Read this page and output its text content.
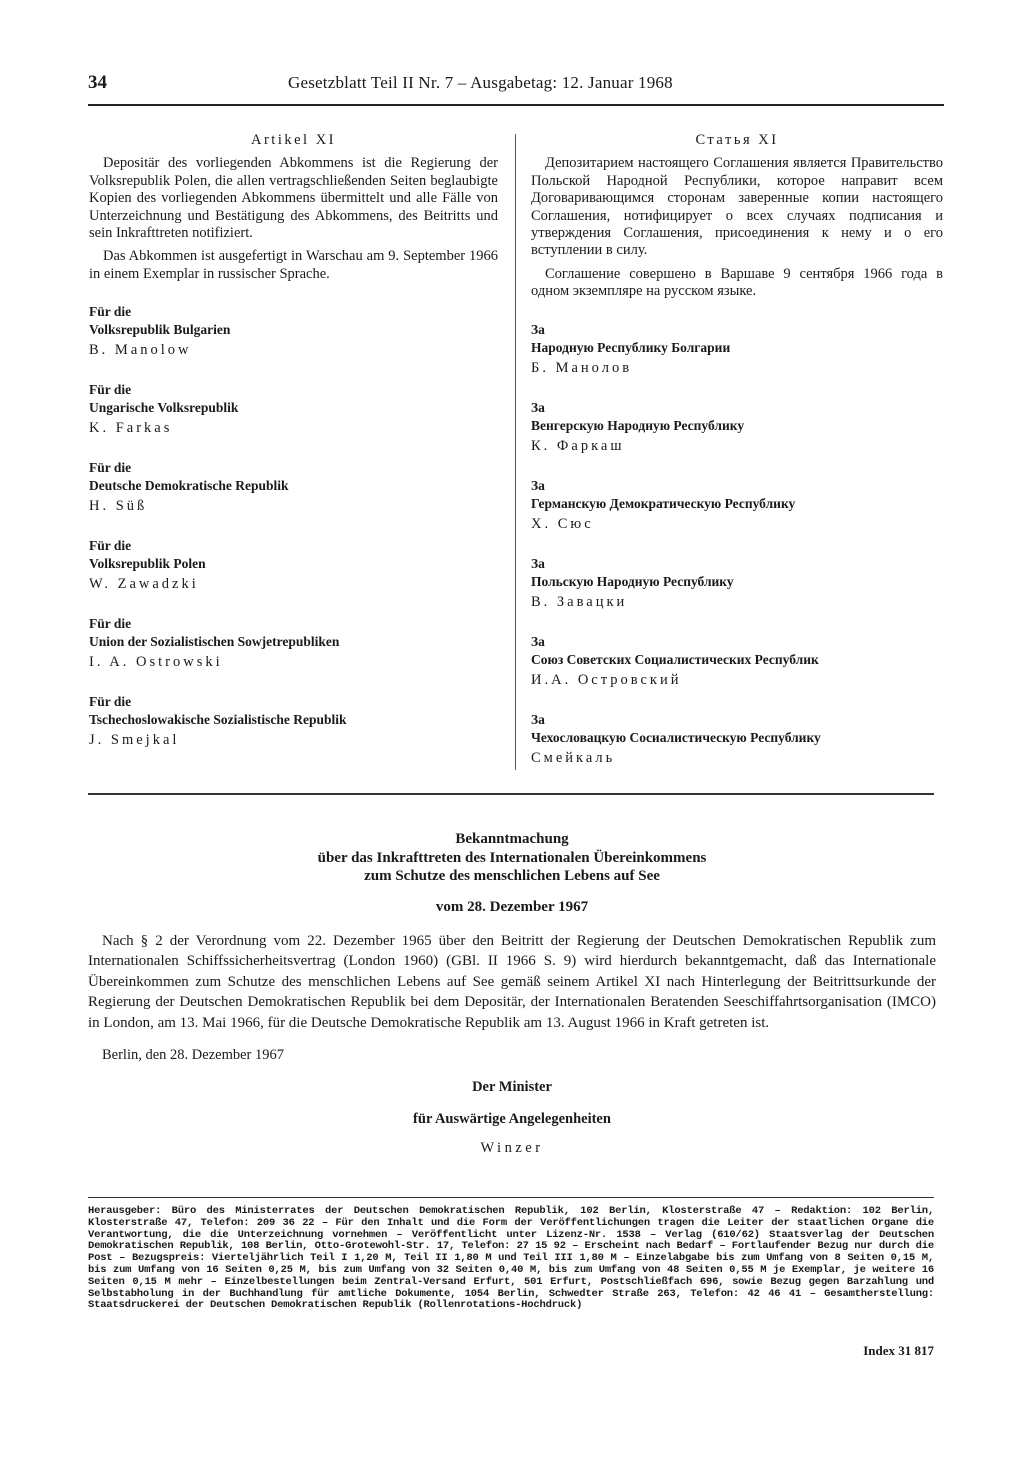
34	Gesetzblatt Teil II Nr. 7 – Ausgabetag: 12. Januar 1968
Artikel XI

Depositär des vorliegenden Abkommens ist die Regierung der Volksrepublik Polen, die allen vertragschließenden Seiten beglaubigte Kopien des vorliegenden Abkommens übermittelt und alle Fälle von Unterzeichnung und Bestätigung des Abkommens, des Beitritts und sein Inkrafttreten notifiziert.

Das Abkommen ist ausgefertigt in Warschau am 9. September 1966 in einem Exemplar in russischer Sprache.

Für die
Volksrepublik Bulgarien
B. Manolow
Für die
Ungarische Volksrepublik
K. Farkas
Für die
Deutsche Demokratische Republik
H. Süß
Für die
Volksrepublik Polen
W. Zawadzki
Für die
Union der Sozialistischen Sowjetrepubliken
I. A. Ostrowski
Für die
Tschechoslowakische Sozialistische Republik
J. Smejkal
Статья XI

Депозитарием настоящего Соглашения является Правительство Польской Народной Республики, которое направит всем Договаривающимся сторонам заверенные копии настоящего Соглашения, нотифицирует о всех случаях подписания и утверждения Соглашения, присоединения к нему и о его вступлении в силу.

Соглашение совершено в Варшаве 9 сентября 1966 года в одном экземпляре на русском языке.

За
Народную Республику Болгарии
Б. Манолов
За
Венгерскую Народную Республику
К. Фаркаш
За
Германскую Демократическую Республику
Х. Сюс
За
Польскую Народную Республику
В. Завацки
За
Союз Советских Социалистических Республик
И.А. Островский
За
Чехословацкую Сосиалистическую Республику
Смейкаль
Bekanntmachung
über das Inkrafttreten des Internationalen Übereinkommens
zum Schutze des menschlichen Lebens auf See
vom 28. Dezember 1967
Nach § 2 der Verordnung vom 22. Dezember 1965 über den Beitritt der Regierung der Deutschen Demokratischen Republik zum Internationalen Schiffssicherheitsvertrag (London 1960) (GBl. II 1966 S. 9) wird hierdurch bekanntgemacht, daß das Internationale Übereinkommen zum Schutze des menschlichen Lebens auf See gemäß seinem Artikel XI nach Hinterlegung der Beitrittsurkunde der Regierung der Deutschen Demokratischen Republik bei dem Depositär, der Internationalen Beratenden Seeschiffahrtsorganisation (IMCO) in London, am 13. Mai 1966, für die Deutsche Demokratische Republik am 13. August 1966 in Kraft getreten ist.
Berlin, den 28. Dezember 1967
Der Minister
für Auswärtige Angelegenheiten
Winzer
Herausgeber: Büro des Ministerrates der Deutschen Demokratischen Republik, 102 Berlin, Klosterstraße 47 – Redaktion: 102 Berlin, Klosterstraße 47, Telefon: 209 36 22 – Für den Inhalt und die Form der Veröffentlichungen tragen die Leiter der staatlichen Organe die Verantwortung, die die Unterzeichnung vornehmen – Veröffentlicht unter Lizenz-Nr. 1538 – Verlag (610/62) Staatsverlag der Deutschen Demokratischen Republik, 108 Berlin, Otto-Grotewohl-Str. 17, Telefon: 27 15 92 – Erscheint nach Bedarf – Fortlaufender Bezug nur durch die Post – Bezugspreis: Vierteljährlich Teil I 1,20 M, Teil II 1,80 M und Teil III 1,80 M – Einzelabgabe bis zum Umfang von 8 Seiten 0,15 M, bis zum Umfang von 16 Seiten 0,25 M, bis zum Umfang von 32 Seiten 0,40 M, bis zum Umfang von 48 Seiten 0,55 M je Exemplar, je weitere 16 Seiten 0,15 M mehr – Einzelbestellungen beim Zentral-Versand Erfurt, 501 Erfurt, Postschließfach 696, sowie Bezug gegen Barzahlung und Selbstabholung in der Buchhandlung für amtliche Dokumente, 1054 Berlin, Schwedter Straße 263, Telefon: 42 46 41 – Gesamtherstellung: Staatsdruckerei der Deutschen Demokratischen Republik (Rollenrotations-Hochdruck)
Index 31 817
